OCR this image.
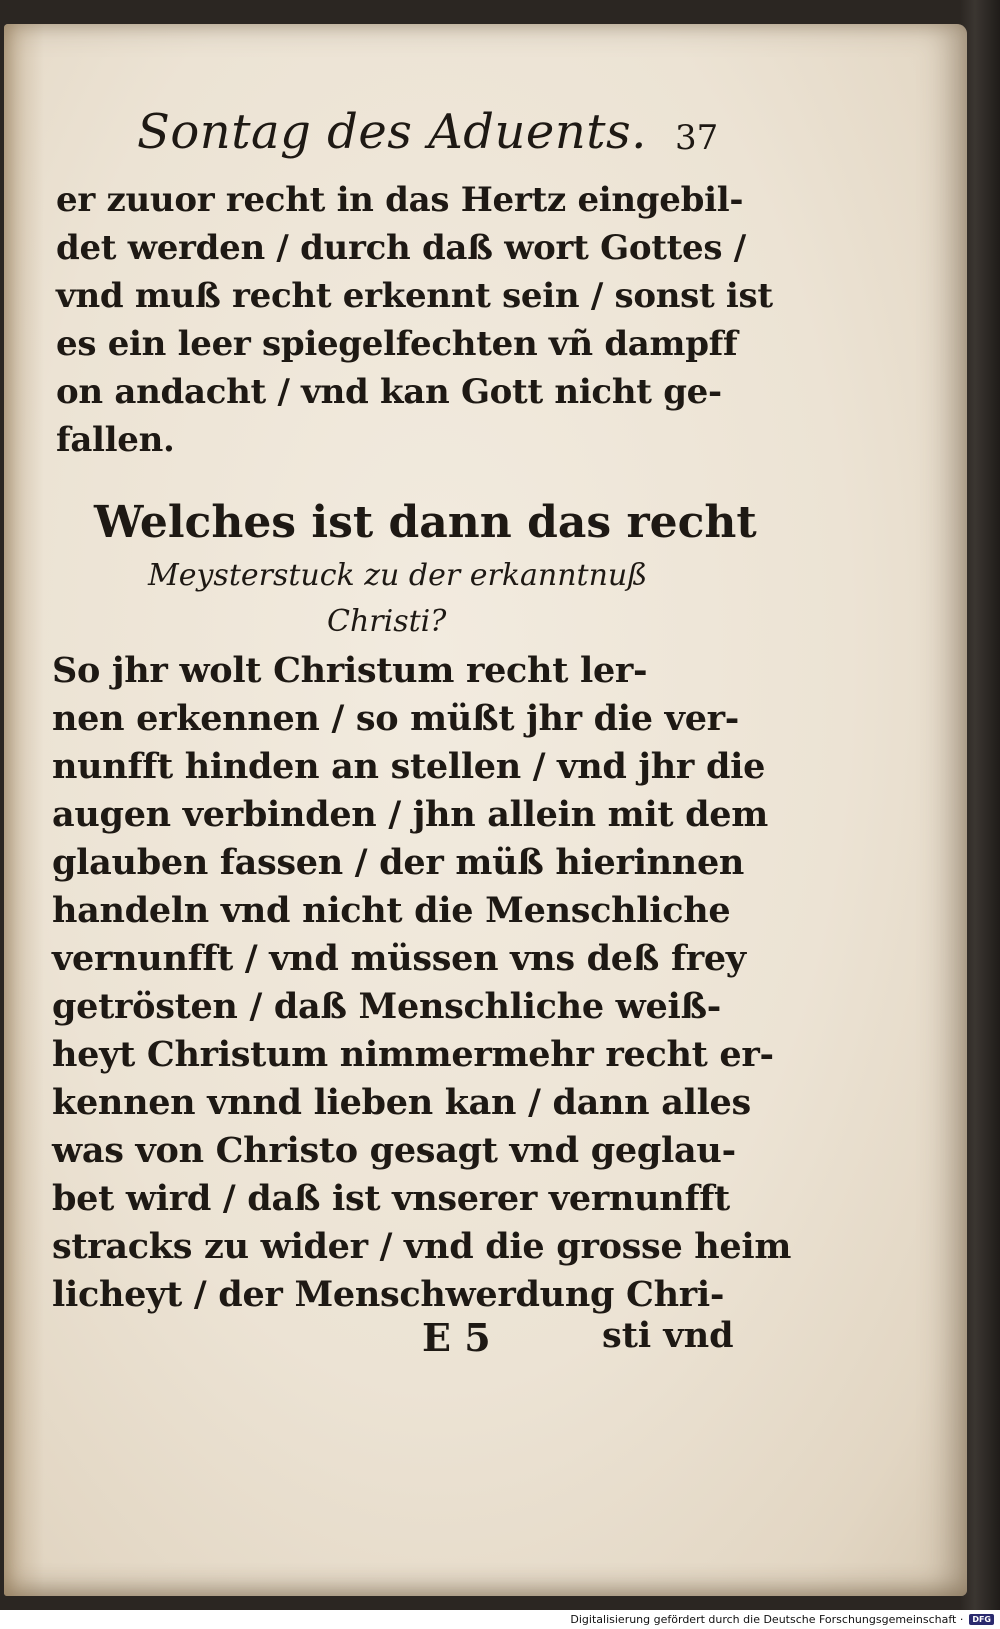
Sontag des Aduents. 37
er zuuor recht in das Hertz eingebil‑
det werden / durch daß wort Gottes /
vnd muß recht erkennt sein / sonst ist
es ein leer spiegelfechten vñ dampff
on andacht / vnd kan Gott nicht ge‑
fallen.
Welches ist dann das recht
Meysterstuck zu der erkanntnuß
Christi?
So jhr wolt Christum recht ler‑
nen erkennen / so müßt jhr die ver‑
nunfft hinden an stellen / vnd jhr die
augen verbinden / jhn allein mit dem
glauben fassen / der müß hierinnen
handeln vnd nicht die Menschliche
vernunfft / vnd müssen vns deß frey
getrösten / daß Menschliche weiß‑
heyt Christum nimmermehr recht er‑
kennen vnnd lieben kan / dann alles
was von Christo gesagt vnd geglau‑
bet wird / daß ist vnserer vernunfft
stracks zu wider / vnd die grosse heim
licheyt / der Menschwerdung Chri‑
E 5	sti vnd
Digitalisierung gefördert durch die Deutsche Forschungsgemeinschaft ·	DFG
